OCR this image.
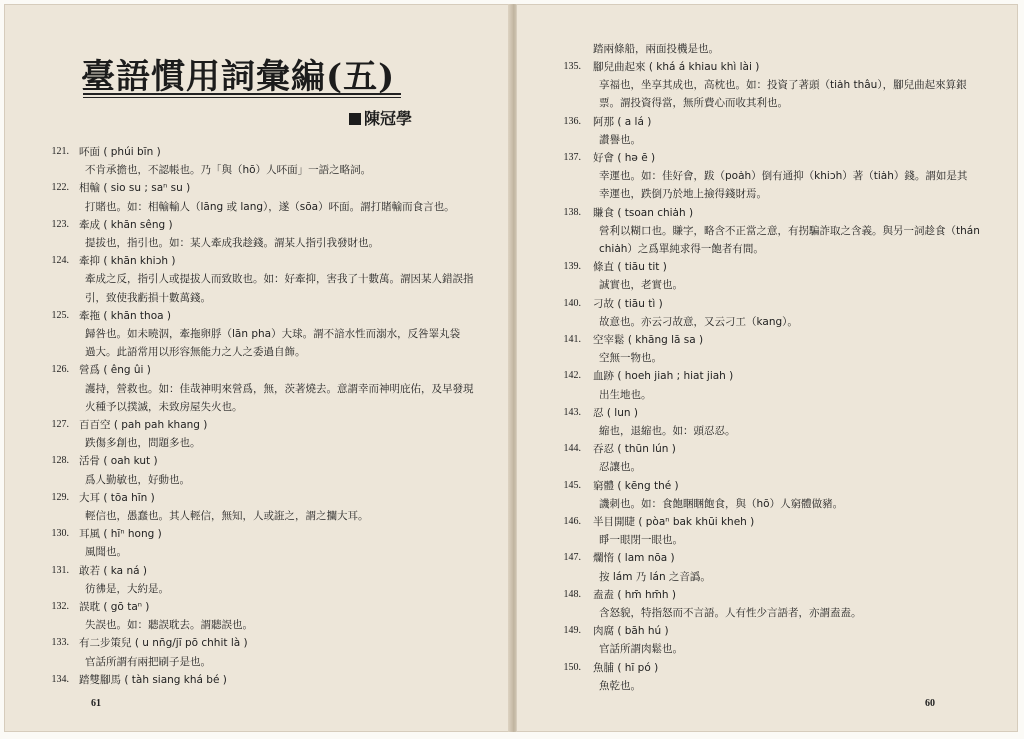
臺語慣用詞彙編(五)
陳冠學
121. 吥面 ( phúi bīn )
不肯承擔也，不認帳也。乃「與（hō）人吥面」一語之略詞。
122. 相輸 ( sio su ; saⁿ su )
打賭也。如：相輸輸人（lāng 或 lang），遂（sōa）吥面。謂打賭輸而食言也。
123. 牽成 ( khān sêng )
提拔也，指引也。如：某人牽成我趁錢。謂某人指引我發財也。
124. 牽抑 ( khān khiɔh )
牽成之反，指引人或提拔人而致敗也。如：好牽抑，害我了十數萬。謂因某人錯誤指
引，致使我虧損十數萬錢。
125. 牽拖 ( khān thoa )
歸咎也。如未曉泅，牽拖卵脬（lān pha）大球。謂不諳水性而溺水，反咎睪丸袋
過大。此語常用以形容無能力之人之委過自飾。
126. 營爲 ( êng ûi )
護持，營救也。如：佳哉神明來營爲，無，茨著燒去。意謂幸而神明庇佑，及早發現
火種予以撲滅，未致房屋失火也。
127. 百百空 ( pah pah khang )
跌傷多創也，問題多也。
128. 活骨 ( oah kut )
爲人勤敏也，好動也。
129. 大耳 ( tōa hīn )
輕信也，愚蠢也。其人輕信，無知，人或誑之，謂之攔大耳。
130. 耳風 ( hīⁿ hong )
風聞也。
131. 敢若 ( ka ná )
彷彿是，大約是。
132. 誤耽 ( gō taⁿ )
失誤也。如：聽誤耽去。謂聽誤也。
133. 有二步策兒 ( u nn̄g/jī pō chhit là )
官話所謂有兩把刷子是也。
134. 踏雙腳馬 ( tàh siang khá bé )
61
踏兩條船，兩面投機是也。
135. 腳兒曲起來 ( khá á khiau khì lài )
享福也，坐享其成也，高枕也。如：投資了著頭（tiȧh thâu），腳兒曲起來算銀
票。謂投資得當，無所費心而收其利也。
136. 阿那 ( a lá )
讚譽也。
137. 好會 ( hə ē )
幸運也。如：佳好會，跋（poȧh）倒有通抑（khiɔh）著（tiȧh）錢。謂如是其
幸運也，跌倒乃於地上撿得錢財焉。
138. 賺食 ( tsoan chiȧh )
營利以糊口也。賺字，略含不正當之意，有拐騙詐取之含義。與另一詞趁食（thán
chiȧh）之爲單純求得一飽者有間。
139. 條直 ( tiāu tit )
誠實也，老實也。
140. 刁故 ( tiāu tì )
故意也。亦云刁故意，又云刁工（kang）。
141. 空宰鬆 ( khāng lā sa )
空無一物也。
142. 血跡 ( hoeh jiah ; hiat jiah )
出生地也。
143. 忍 ( lun )
縮也，退縮也。如：頭忍忍。
144. 吞忍 ( thūn lún )
忍讓也。
145. 窮體 ( kēng thé )
譏刺也。如：食飽睏睏飽食，與（hō）人窮體做豬。
146. 半目開睫 ( pòaⁿ bak khūi kheh )
睜一眼閉一眼也。
147. 爛惰 ( lam nōa )
按 lám 乃 lán 之音譌。
148. 盍盍 ( hm̄ hm̄h )
含怒貌，特指怒而不言語。人有性少言語者，亦謂盍盍。
149. 肉腐 ( bāh hú )
官話所謂肉鬆也。
150. 魚脯 ( hī pó )
魚乾也。
60
